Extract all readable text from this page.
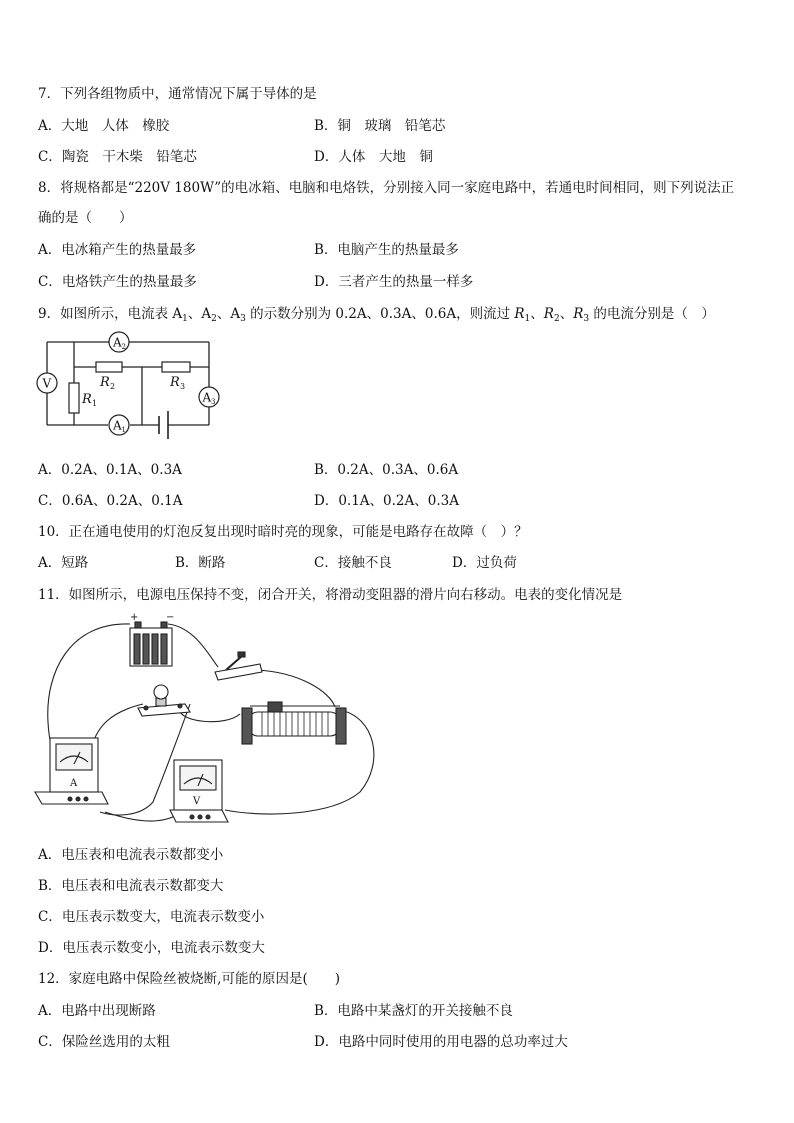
7．下列各组物质中，通常情况下属于导体的是
A．大地　人体　橡胶	B．铜　玻璃　铅笔芯
C．陶瓷　干木柴　铅笔芯	D．人体　大地　铜
8．将规格都是“220V 180W”的电冰箱、电脑和电烙铁，分别接入同一家庭电路中，若通电时间相同，则下列说法正
确的是（　　）
A．电冰箱产生的热量最多	B．电脑产生的热量最多
C．电烙铁产生的热量最多	D．三者产生的热量一样多
9．如图所示，电流表 $A_1$、$A_2$、$A_3$ 的示数分别为 0.2A、0.3A、0.6A，则流过 $R_1$、$R_2$、$R_3$ 的电流分别是（　）
V
A 2
A 1
A 3
R 2	R 3
R 1
A．0.2A、0.1A、0.3A	B．0.2A、0.3A、0.6A
C．0.6A、0.2A、0.1A	D．0.1A、0.2A、0.3A
10．正在通电使用的灯泡反复出现时暗时亮的现象，可能是电路存在故障（　）？
A．短路	B．断路	C．接触不良	D．过负荷
11．如图所示，电源电压保持不变，闭合开关，将滑动变阻器的滑片向右移动。电表的变化情况是
+	−
A
V
A．电压表和电流表示数都变小
B．电压表和电流表示数都变大
C．电压表示数变大，电流表示数变小
D．电压表示数变小，电流表示数变大
12．家庭电路中保险丝被烧断,可能的原因是(　　)
A．电路中出现断路	B．电路中某盏灯的开关接触不良
C．保险丝选用的太粗	D．电路中同时使用的用电器的总功率过大
